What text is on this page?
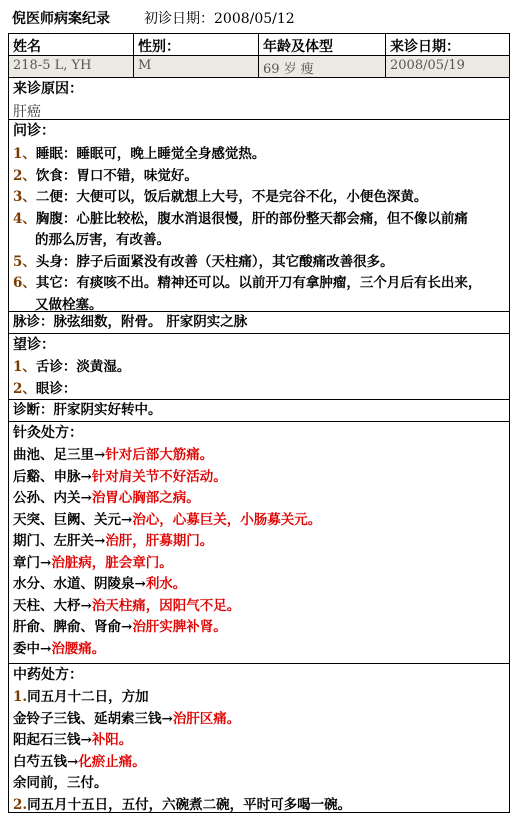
倪医师病案纪录 初诊日期：2008/05/12
姓名	性别：	年龄及体型	来诊日期：
218-5 L, YH	M	69 岁 瘦	2008/05/19
来诊原因：
肝癌
问诊：
1、睡眠：睡眠可，晚上睡觉全身感觉热。
2、饮食：胃口不错，味觉好。
3、二便：大便可以，饭后就想上大号，不是完谷不化，小便色深黄。
4、胸腹：心脏比较松，腹水消退很慢，肝的部份整天都会痛，但不像以前痛
的那么厉害，有改善。
5、头身：脖子后面紧没有改善（天柱痛），其它酸痛改善很多。
6、其它：有痰咳不出。精神还可以。以前开刀有拿肿瘤，三个月后有长出来，
又做栓塞。
脉诊：脉弦细数，附骨。 肝家阴实之脉
望诊：
1、舌诊：淡黄湿。
2、眼诊：
诊断：肝家阴实好转中。
针灸处方：
曲池、足三里→针对后部大筋痛。
后谿、申脉→针对肩关节不好活动。
公孙、内关→治胃心胸部之病。
天突、巨阙、关元→治心，心募巨关，小肠募关元。
期门、左肝关→治肝，肝募期门。
章门→治脏病，脏会章门。
水分、水道、阴陵泉→利水。
天柱、大杼→治天柱痛，因阳气不足。
肝俞、脾俞、肾俞→治肝实脾补肾。
委中→治腰痛。
中药处方：
1.同五月十二日，方加
金铃子三钱、延胡索三钱→治肝区痛。
阳起石三钱→补阳。
白芍五钱→化瘀止痛。
余同前，三付。
2.同五月十五日，五付，六碗煮二碗，平时可多喝一碗。
